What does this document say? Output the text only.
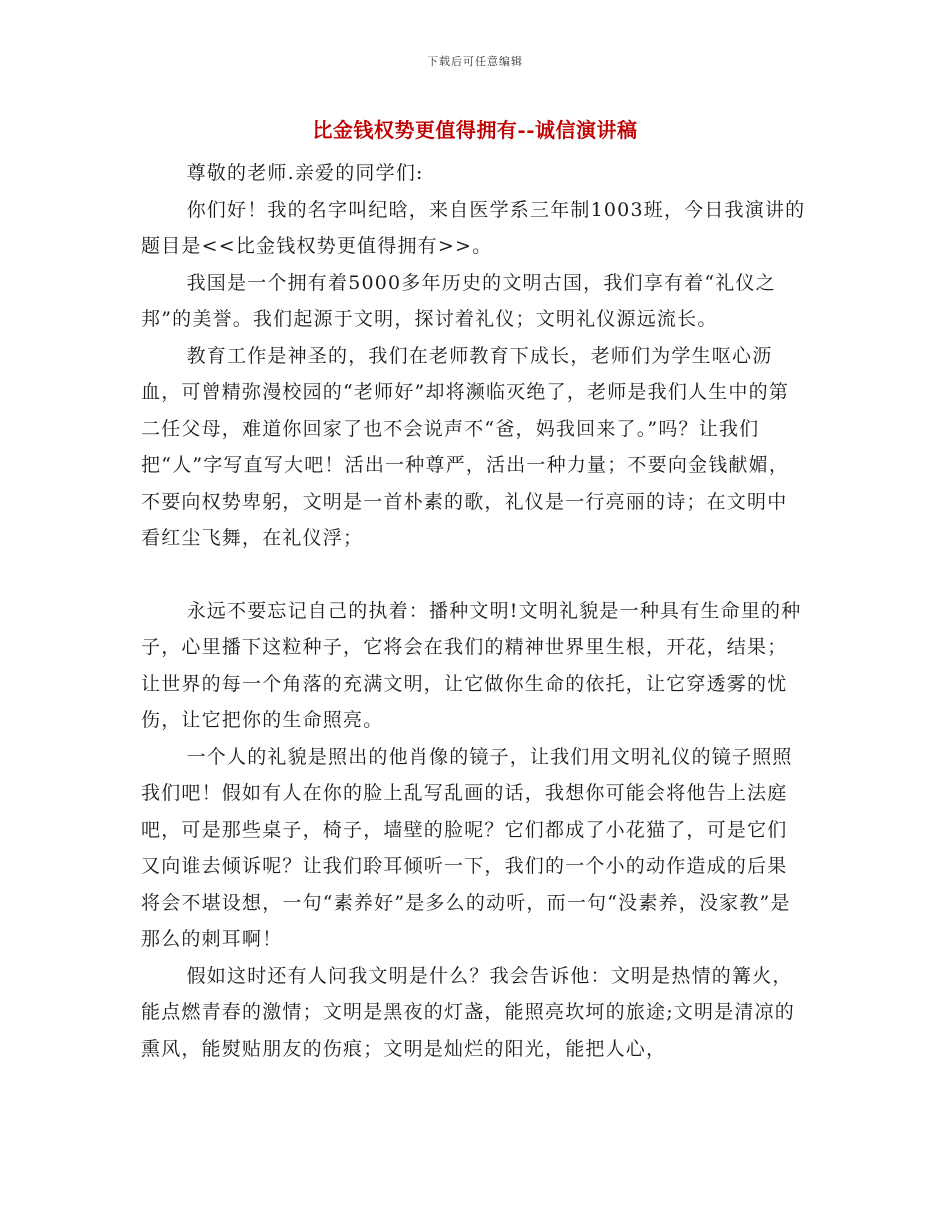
下载后可任意编辑
比金钱权势更值得拥有--诚信演讲稿

尊敬的老师.亲爱的同学们:

你们好！我的名字叫纪晗，来自医学系三年制1003班，今日我演讲的题目是<<比金钱权势更值得拥有>>。

我国是一个拥有着5000多年历史的文明古国，我们享有着“礼仪之邦”的美誉。我们起源于文明，探讨着礼仪；文明礼仪源远流长。

教育工作是神圣的，我们在老师教育下成长，老师们为学生呕心沥血，可曾精弥漫校园的“老师好”却将濒临灭绝了，老师是我们人生中的第二任父母，难道你回家了也不会说声不“爸，妈我回来了。”吗？让我们把“人”字写直写大吧！活出一种尊严，活出一种力量；不要向金钱献媚，不要向权势卑躬，文明是一首朴素的歌，礼仪是一行亮丽的诗；在文明中看红尘飞舞，在礼仪浮；

永远不要忘记自己的执着：播种文明!文明礼貌是一种具有生命里的种子，心里播下这粒种子，它将会在我们的精神世界里生根，开花，结果；让世界的每一个角落的充满文明，让它做你生命的依托，让它穿透雾的忧伤，让它把你的生命照亮。

一个人的礼貌是照出的他肖像的镜子，让我们用文明礼仪的镜子照照我们吧！假如有人在你的脸上乱写乱画的话，我想你可能会将他告上法庭吧，可是那些桌子，椅子，墙壁的脸呢？它们都成了小花猫了，可是它们又向谁去倾诉呢？让我们聆耳倾听一下，我们的一个小的动作造成的后果将会不堪设想，一句“素养好”是多么的动听，而一句“没素养，没家教”是那么的刺耳啊！

假如这时还有人问我文明是什么？我会告诉他：文明是热情的篝火，能点燃青春的激情；文明是黑夜的灯盏，能照亮坎坷的旅途;文明是清凉的熏风，能熨贴朋友的伤痕；文明是灿烂的阳光，能把人心，
